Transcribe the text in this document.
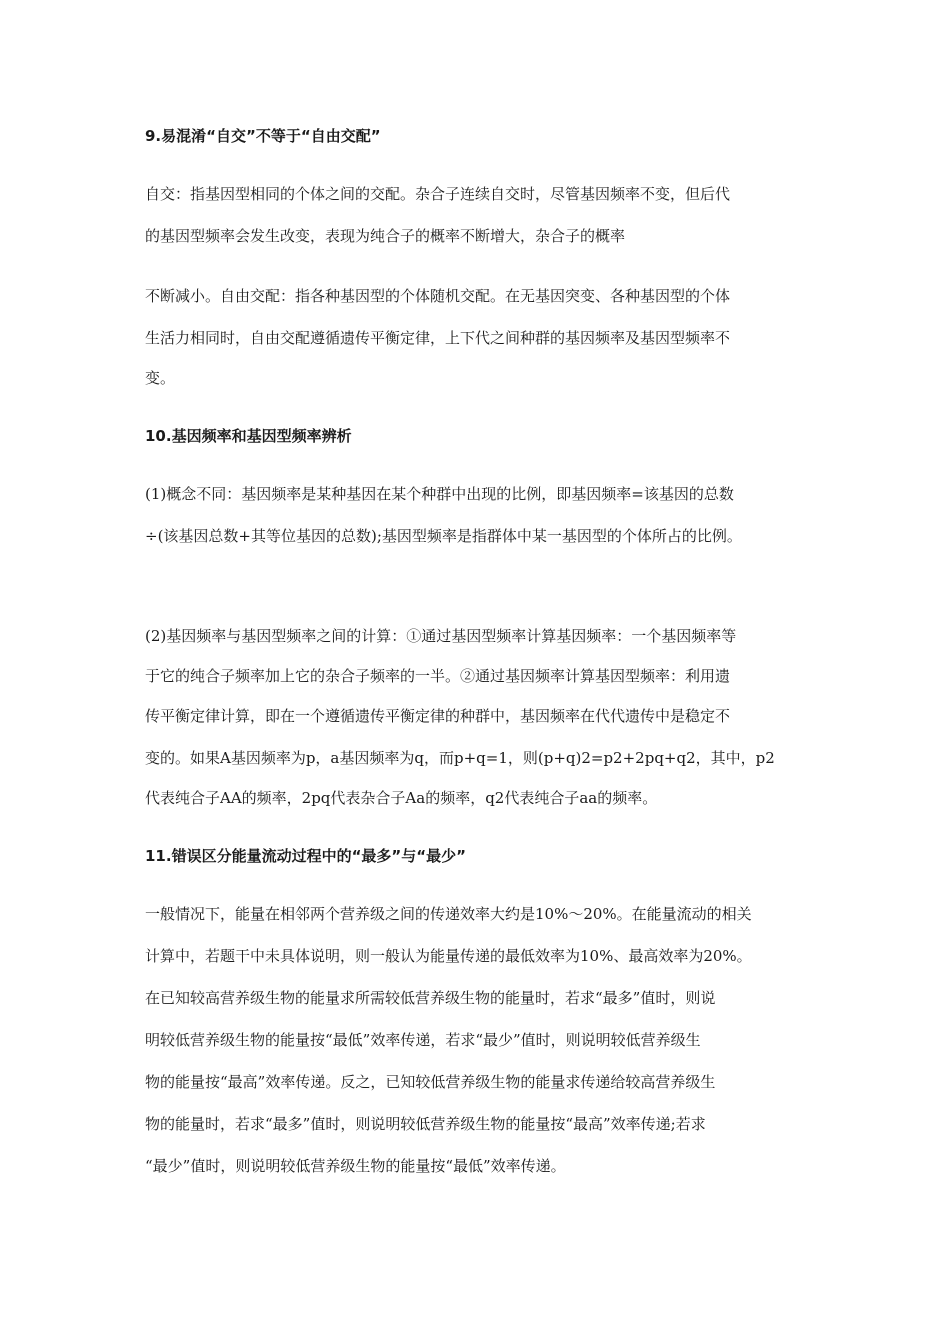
9.易混淆“自交”不等于“自由交配”
自交：指基因型相同的个体之间的交配。杂合子连续自交时，尽管基因频率不变，但后代
的基因型频率会发生改变，表现为纯合子的概率不断增大，杂合子的概率
不断减小。自由交配：指各种基因型的个体随机交配。在无基因突变、各种基因型的个体
生活力相同时，自由交配遵循遗传平衡定律，上下代之间种群的基因频率及基因型频率不
变。
10.基因频率和基因型频率辨析
(1)概念不同：基因频率是某种基因在某个种群中出现的比例，即基因频率=该基因的总数
÷(该基因总数+其等位基因的总数);基因型频率是指群体中某一基因型的个体所占的比例。
(2)基因频率与基因型频率之间的计算：①通过基因型频率计算基因频率：一个基因频率等
于它的纯合子频率加上它的杂合子频率的一半。②通过基因频率计算基因型频率：利用遗
传平衡定律计算，即在一个遵循遗传平衡定律的种群中，基因频率在代代遗传中是稳定不
变的。如果A基因频率为p，a基因频率为q，而p+q=1，则(p+q)2=p2+2pq+q2，其中，p2
代表纯合子AA的频率，2pq代表杂合子Aa的频率，q2代表纯合子aa的频率。
11.错误区分能量流动过程中的“最多”与“最少”
一般情况下，能量在相邻两个营养级之间的传递效率大约是10%～20%。在能量流动的相关
计算中，若题干中未具体说明，则一般认为能量传递的最低效率为10%、最高效率为20%。
在已知较高营养级生物的能量求所需较低营养级生物的能量时，若求“最多”值时，则说
明较低营养级生物的能量按“最低”效率传递，若求“最少”值时，则说明较低营养级生
物的能量按“最高”效率传递。反之，已知较低营养级生物的能量求传递给较高营养级生
物的能量时，若求“最多”值时，则说明较低营养级生物的能量按“最高”效率传递;若求
“最少”值时，则说明较低营养级生物的能量按“最低”效率传递。
